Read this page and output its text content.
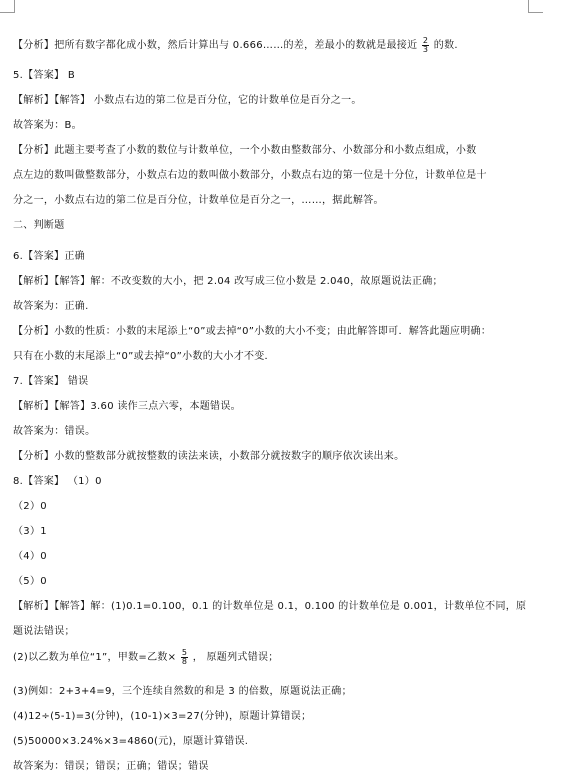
【分析】把所有数字都化成小数，然后计算出与 0.666……的差，差最小的数就是最接近 $\frac{2}{3}$ 的数.
5.【答案】 B
【解析】【解答】 小数点右边的第二位是百分位，它的计数单位是百分之一。
故答案为：B。
【分析】此题主要考查了小数的数位与计数单位，一个小数由整数部分、小数部分和小数点组成，小数
点左边的数叫做整数部分，小数点右边的数叫做小数部分，小数点右边的第一位是十分位，计数单位是十
分之一，小数点右边的第二位是百分位，计数单位是百分之一，……，据此解答。
二、判断题
6.【答案】正确
【解析】【解答】解：不改变数的大小，把 2.04 改写成三位小数是 2.040，故原题说法正确；
故答案为：正确.
【分析】小数的性质：小数的末尾添上“0”或去掉“0”小数的大小不变；由此解答即可．解答此题应明确：
只有在小数的末尾添上“0”或去掉“0”小数的大小才不变．
7.【答案】 错误
【解析】【解答】3.60 读作三点六零，本题错误。
故答案为：错误。
【分析】小数的整数部分就按整数的读法来读，小数部分就按数字的顺序依次读出来。
8.【答案】 （1）0
（2）0
（3）1
（4）0
（5）0
【解析】【解答】解：(1)0.1=0.100，0.1 的计数单位是 0.1，0.100 的计数单位是 0.001，计数单位不同，原
题说法错误；
(2)以乙数为单位“1”，甲数=乙数× $\frac{5}{8}$ ， 原题列式错误；
(3)例如：2+3+4=9，三个连续自然数的和是 3 的倍数，原题说法正确；
(4)12÷(5-1)=3(分钟)，(10-1)×3=27(分钟)，原题计算错误；
(5)50000×3.24%×3=4860(元)，原题计算错误.
故答案为：错误；错误；正确；错误；错误
